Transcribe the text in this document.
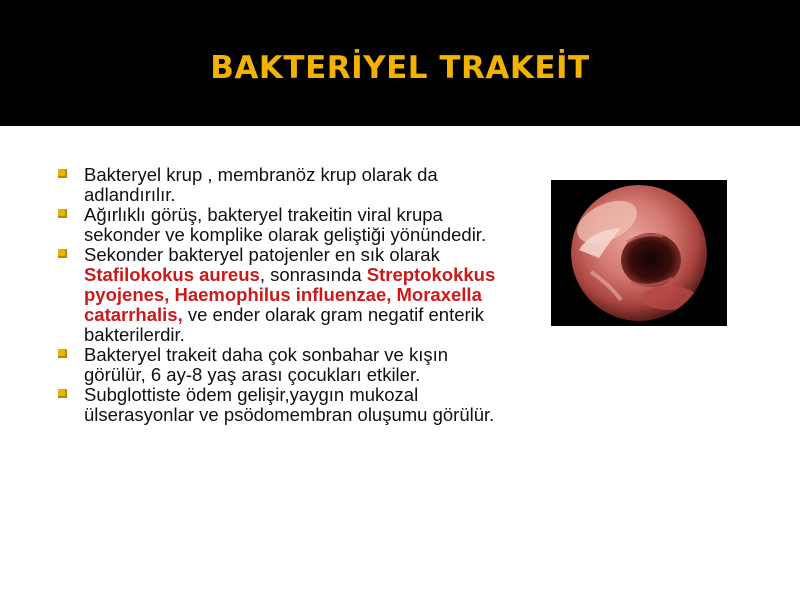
BAKTERİYEL TRAKEİT
Bakteryel krup , membranöz krup olarak da adlandırılır.
Ağırlıklı görüş, bakteryel trakeitin viral krupa sekonder ve komplike olarak geliştiği yönündedir.
Sekonder bakteryel patojenler en sık olarak Stafilokokus aureus, sonrasında Streptokokkus pyojenes, Haemophilus influenzae, Moraxella catarrhalis, ve ender olarak gram negatif enterik bakterilerdir.
Bakteryel trakeit daha çok sonbahar ve kışın görülür, 6 ay-8 yaş arası çocukları etkiler.
Subglottiste ödem gelişir,yaygın mukozal ülserasyonlar ve psödomembran oluşumu görülür.
